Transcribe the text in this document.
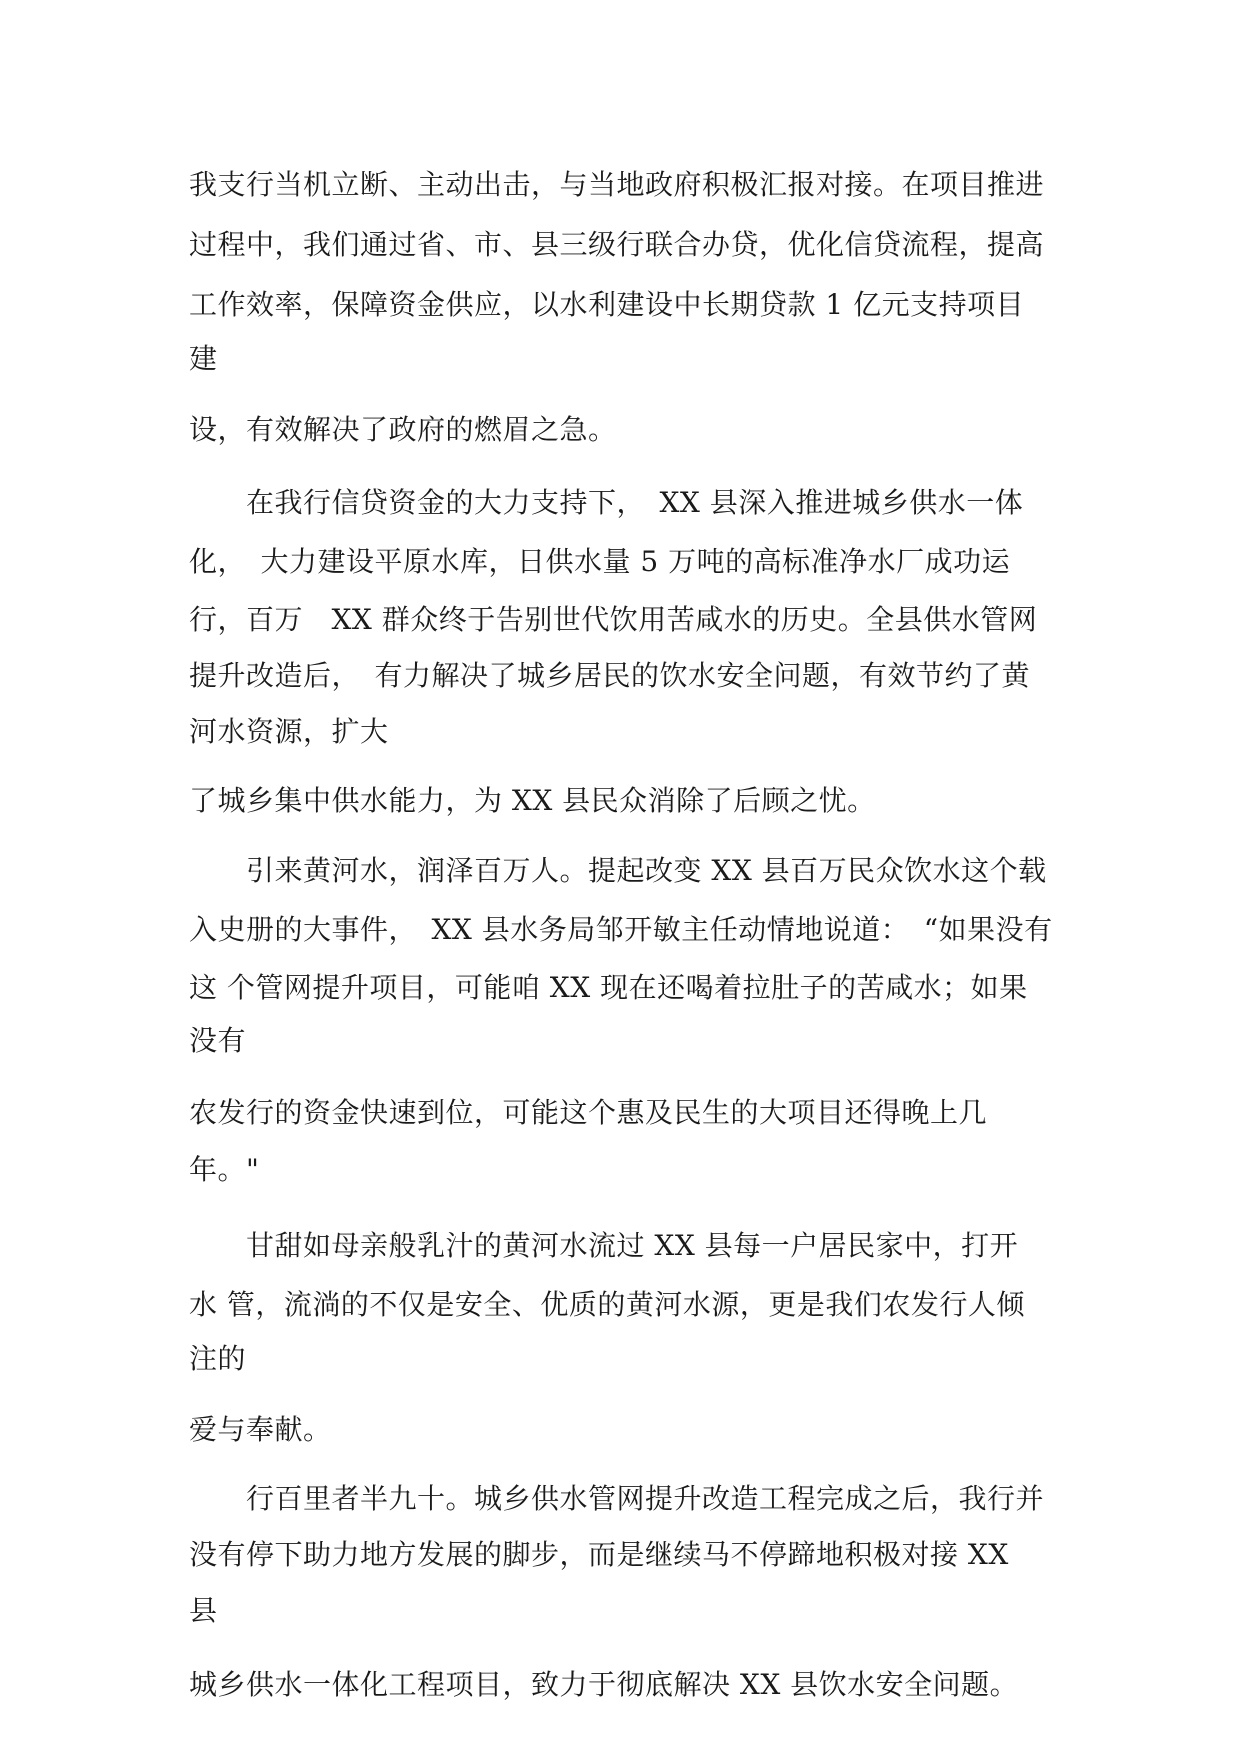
我支行当机立断、主动出击，与当地政府积极汇报对接。在项目推进
过程中，我们通过省、市、县三级行联合办贷，优化信贷流程，提高
工作效率，保障资金供应，以水利建设中长期贷款 1 亿元支持项目
建
设，有效解决了政府的燃眉之急。
　　在我行信贷资金的大力支持下，　XX 县深入推进城乡供水一体
化，　大力建设平原水库，日供水量 5 万吨的高标准净水厂成功运
行，百万　XX 群众终于告别世代饮用苦咸水的历史。全县供水管网
提升改造后，　有力解决了城乡居民的饮水安全问题，有效节约了黄
河水资源，扩大
了城乡集中供水能力，为 XX 县民众消除了后顾之忧。
　　引来黄河水，润泽百万人。提起改变 XX 县百万民众饮水这个载
入史册的大事件，　XX 县水务局邹开敏主任动情地说道：　“如果没有
这 个管网提升项目，可能咱 XX 现在还喝着拉肚子的苦咸水；如果
没有
农发行的资金快速到位，可能这个惠及民生的大项目还得晚上几
年。"
　　甘甜如母亲般乳汁的黄河水流过 XX 县每一户居民家中，打开
水 管，流淌的不仅是安全、优质的黄河水源，更是我们农发行人倾
注的
爱与奉献。
　　行百里者半九十。城乡供水管网提升改造工程完成之后，我行并
没有停下助力地方发展的脚步，而是继续马不停蹄地积极对接 XX
县
城乡供水一体化工程项目，致力于彻底解决 XX 县饮水安全问题。
